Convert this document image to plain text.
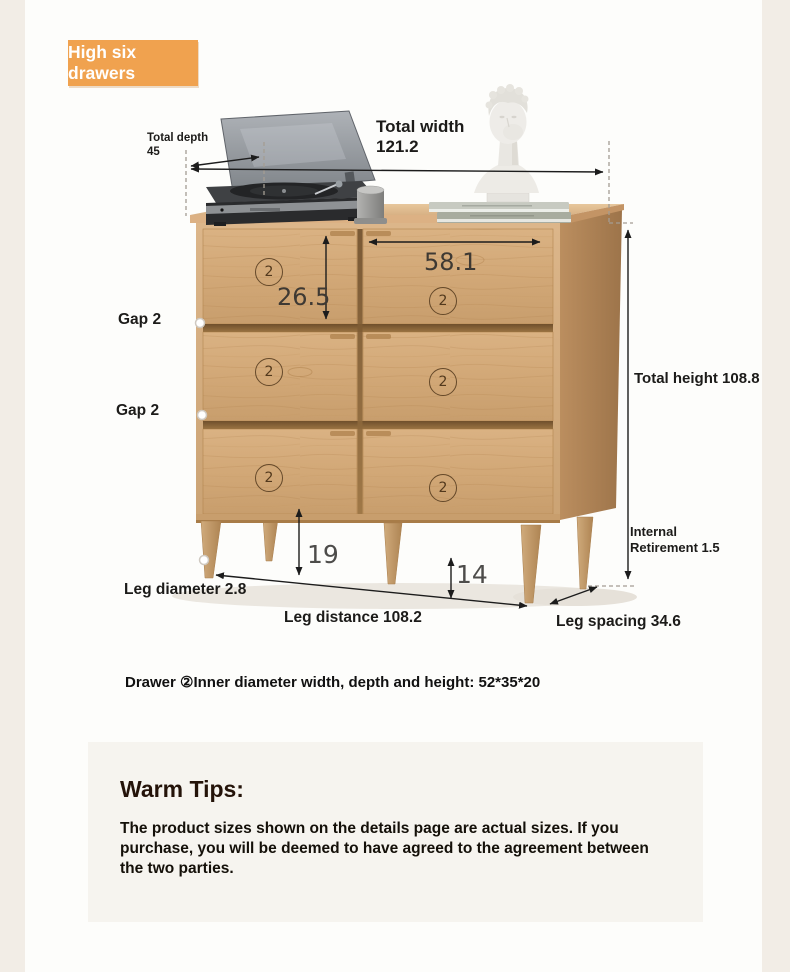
High six drawers
Total depth 45
Total width 121.2
58.1
26.5
2
2
2
2
2
2
Gap 2
Gap 2
Total height 108.8
Internal Retirement 1.5
19
14
Leg diameter 2.8
Leg distance 108.2	Leg spacing 34.6
Drawer ②Inner diameter width, depth and height: 52*35*20
Warm Tips:
The product sizes shown on the details page are actual sizes. If you purchase, you will be deemed to have agreed to the agreement between the two parties.
